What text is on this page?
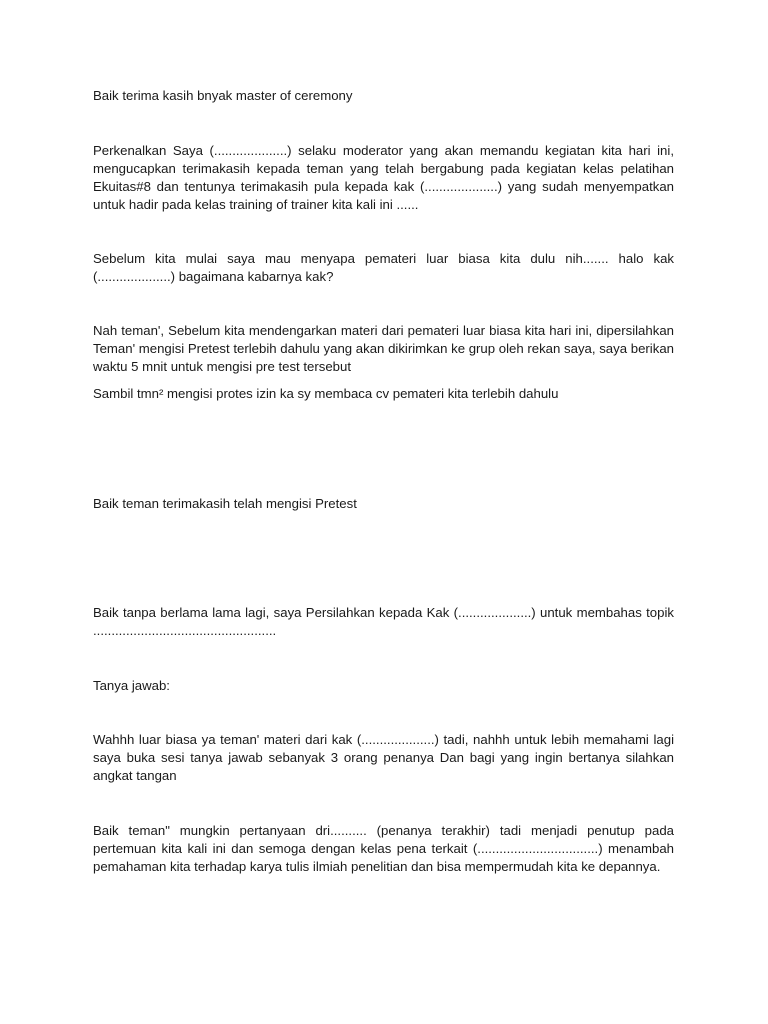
Baik terima kasih bnyak master of ceremony

Perkenalkan Saya (....................) selaku moderator yang akan memandu kegiatan kita hari ini, mengucapkan terimakasih kepada teman yang telah bergabung pada kegiatan kelas pelatihan Ekuitas#8 dan tentunya terimakasih pula kepada kak (....................) yang sudah menyempatkan untuk hadir pada kelas training of trainer kita kali ini ......

Sebelum kita mulai saya mau menyapa pemateri luar biasa kita dulu nih....... halo kak (....................) bagaimana kabarnya kak?

Nah teman', Sebelum kita mendengarkan materi dari pemateri luar biasa kita hari ini, dipersilahkan Teman' mengisi Pretest terlebih dahulu yang akan dikirimkan ke grup oleh rekan saya, saya berikan waktu 5 mnit untuk mengisi pre test tersebut

Sambil tmn² mengisi protes izin ka sy membaca cv pemateri kita terlebih dahulu

Baik teman terimakasih telah mengisi Pretest

Baik tanpa berlama lama lagi, saya Persilahkan kepada Kak (....................) untuk membahas topik ..................................................

Tanya jawab:

Wahhh luar biasa ya teman' materi dari kak (....................) tadi, nahhh untuk lebih memahami lagi saya buka sesi tanya jawab sebanyak 3 orang penanya Dan bagi yang ingin bertanya silahkan angkat tangan

Baik teman" mungkin pertanyaan dri.......... (penanya terakhir) tadi menjadi penutup pada pertemuan kita kali ini dan semoga dengan kelas pena terkait (.................................) menambah pemahaman kita terhadap karya tulis ilmiah penelitian dan bisa mempermudah kita ke depannya.
